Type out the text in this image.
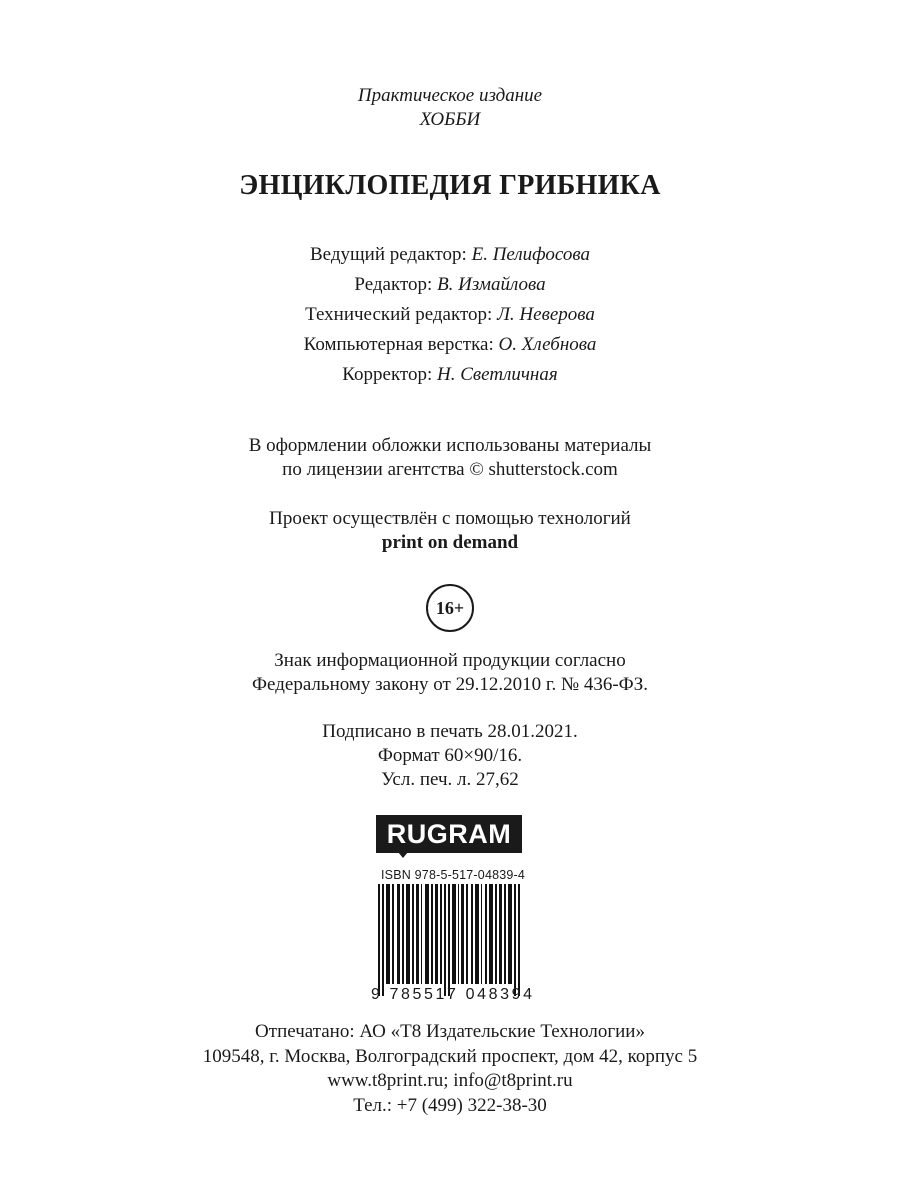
Практическое издание
ХОББИ
ЭНЦИКЛОПЕДИЯ ГРИБНИКА
Ведущий редактор: Е. Пелифосова
Редактор: В. Измайлова
Технический редактор: Л. Неверова
Компьютерная верстка: О. Хлебнова
Корректор: Н. Светличная
В оформлении обложки использованы материалы
по лицензии агентства © shutterstock.com
Проект осуществлён с помощью технологий
print on demand
16+
Знак информационной продукции согласно
Федеральному закону от 29.12.2010 г. № 436-ФЗ.
Подписано в печать 28.01.2021.
Формат 60×90/16.
Усл. печ. л. 27,62
RUGRAM
ISBN 978-5-517-04839-4
9 785517 048394
Отпечатано: АО «Т8 Издательские Технологии»
109548, г. Москва, Волгоградский проспект, дом 42, корпус 5
www.t8print.ru; info@t8print.ru
Тел.: +7 (499) 322-38-30
